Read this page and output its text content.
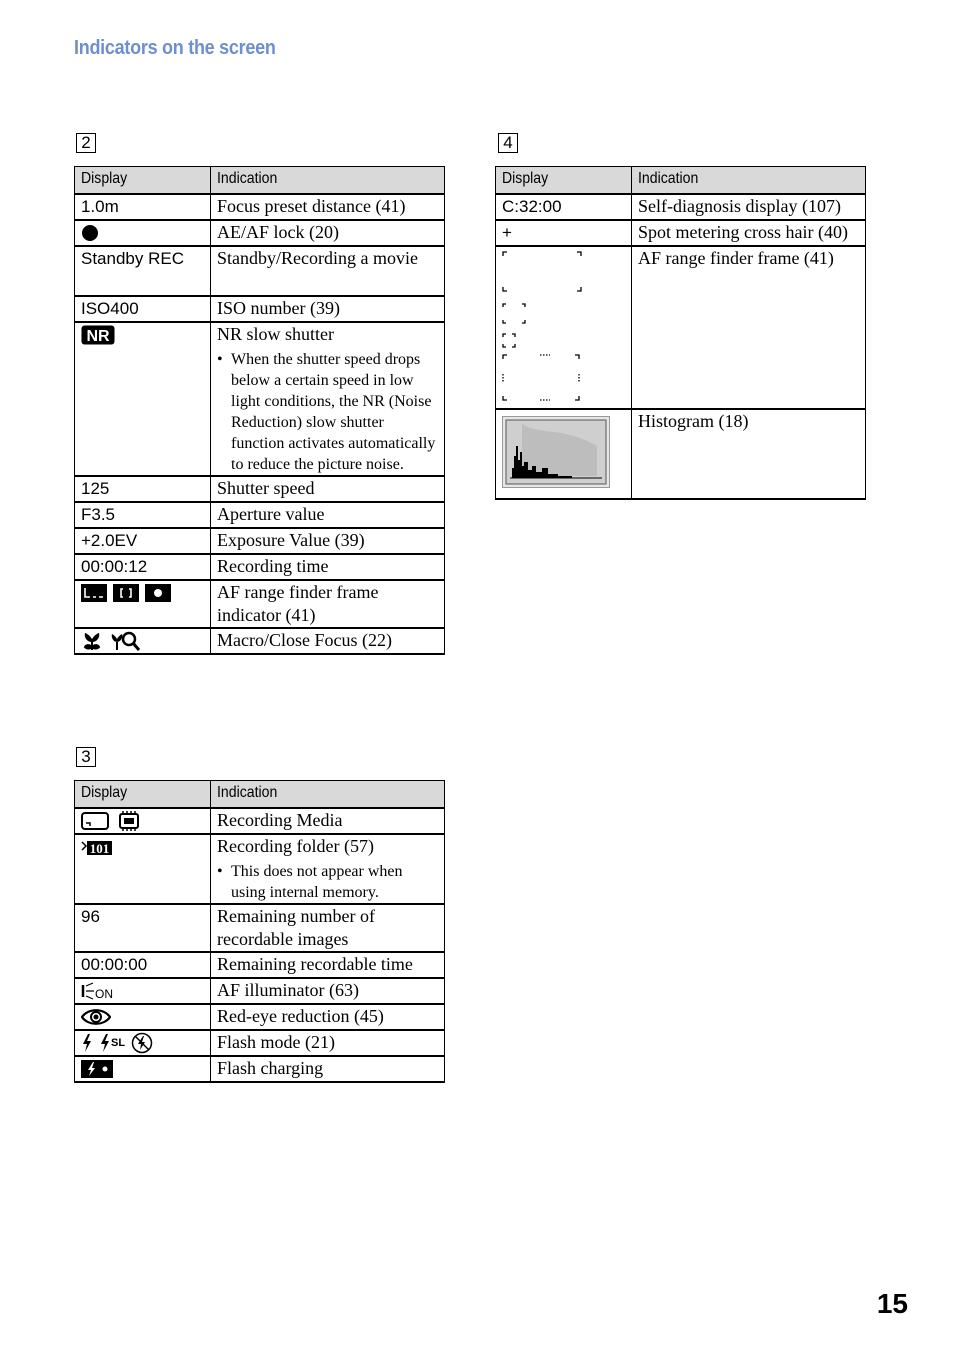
Indicators on the screen
2
Display	Indication
1.0m	Focus preset distance (41)

	AE/AF lock (20)
Standby REC	Standby/Recording a movie
ISO400	ISO number (39)

NR	NR slow shutter
• When the shutter speed drops below a certain speed in low light conditions, the NR (Noise Reduction) slow shutter function activates automatically to reduce the picture noise.

125	Shutter speed
F3.5	Aperture value
+2.0EV	Exposure Value (39)
00:00:12	Recording time

	AF range finder frame indicator (41)

	Macro/Close Focus (22)
3
Display	Indication

	Recording Media

101	Recording folder (57)
• This does not appear when using internal memory.

96	Remaining number of recordable images
00:00:00	Remaining recordable time

ON	AF illuminator (63)

	Red-eye reduction (45)

SL	Flash mode (21)

	Flash charging
4
Display	Indication
C:32:00	Self-diagnosis display (107)
+	Spot metering cross hair (40)
	AF range finder frame (41)
	Histogram (18)
15
